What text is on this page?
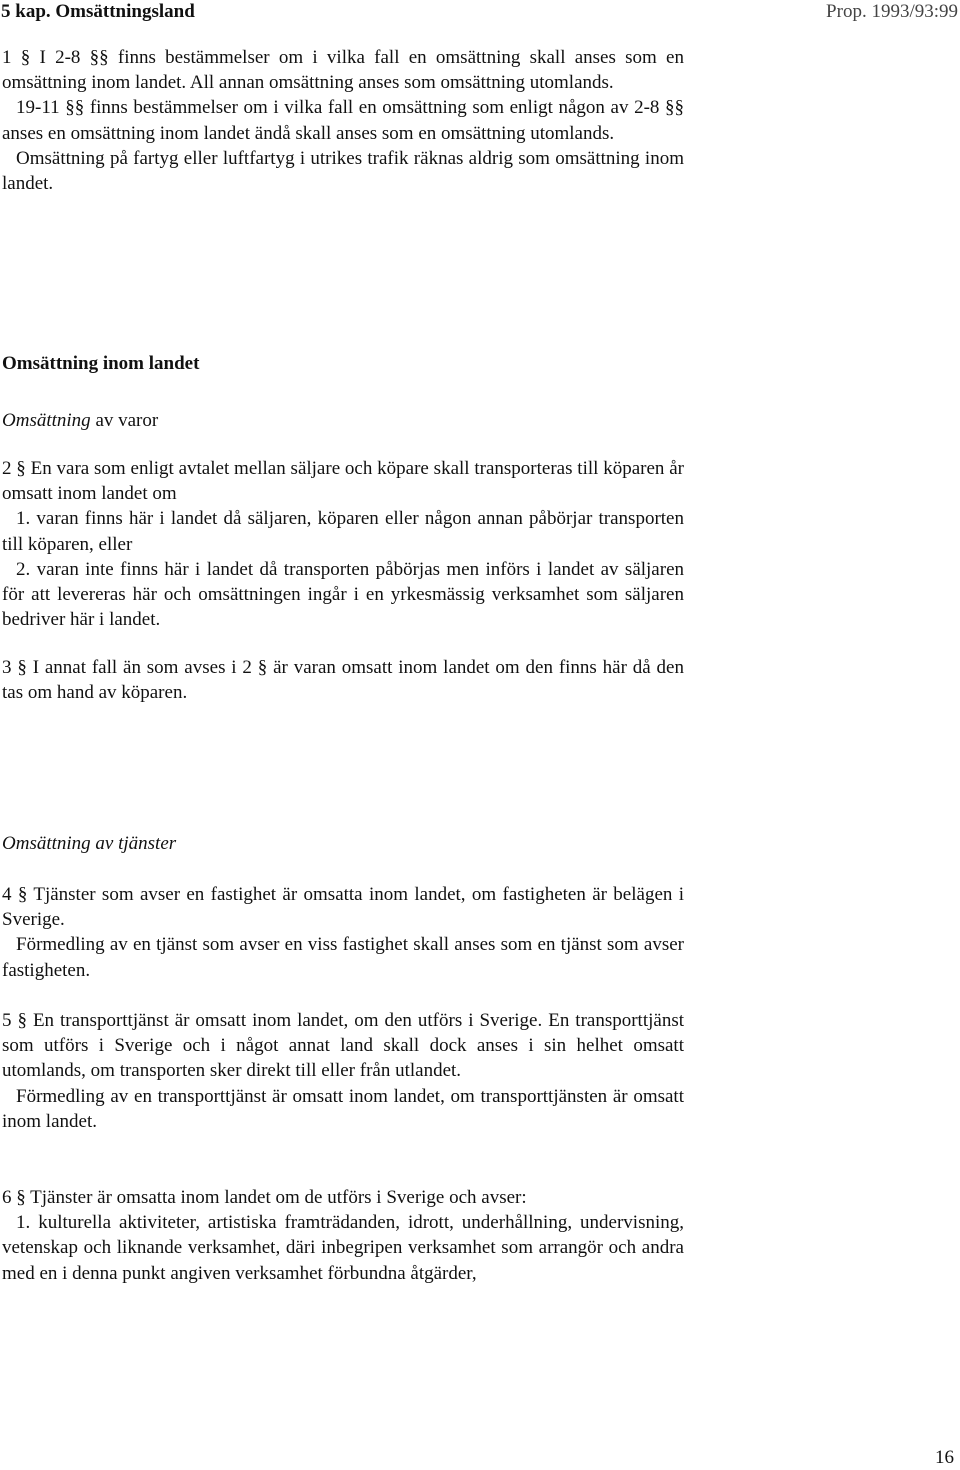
5 kap. Omsättningsland	Prop. 1993/93:99

1 § I 2-8 §§ finns bestämmelser om i vilka fall en omsättning skall anses som en omsättning inom landet. All annan omsättning anses som omsättning utomlands.

19-11 §§ finns bestämmelser om i vilka fall en omsättning som enligt någon av 2-8 §§ anses en omsättning inom landet ändå skall anses som en omsättning utomlands.

Omsättning på fartyg eller luftfartyg i utrikes trafik räknas aldrig som omsättning inom landet.

Omsättning inom landet
Omsättning av varor

2 § En vara som enligt avtalet mellan säljare och köpare skall transporteras till köparen år omsatt inom landet om

1. varan finns här i landet då säljaren, köparen eller någon annan påbörjar transporten till köparen, eller

2. varan inte finns här i landet då transporten påbörjas men införs i landet av säljaren för att levereras här och omsättningen ingår i en yrkesmässig verksamhet som säljaren bedriver här i landet.

3 § I annat fall än som avses i 2 § är varan omsatt inom landet om den finns här då den tas om hand av köparen.

Omsättning av tjänster

4 § Tjänster som avser en fastighet är omsatta inom landet, om fastigheten är belägen i Sverige.

Förmedling av en tjänst som avser en viss fastighet skall anses som en tjänst som avser fastigheten.

5 § En transporttjänst är omsatt inom landet, om den utförs i Sverige. En transporttjänst som utförs i Sverige och i något annat land skall dock anses i sin helhet omsatt utomlands, om transporten sker direkt till eller från utlandet.

Förmedling av en transporttjänst är omsatt inom landet, om transporttjänsten är omsatt inom landet.

6 § Tjänster är omsatta inom landet om de utförs i Sverige och avser:

1. kulturella aktiviteter, artistiska framträdanden, idrott, underhållning, undervisning, vetenskap och liknande verksamhet, däri inbegripen verksamhet som arrangör och andra med en i denna punkt angiven verksamhet förbundna åtgärder,

16
